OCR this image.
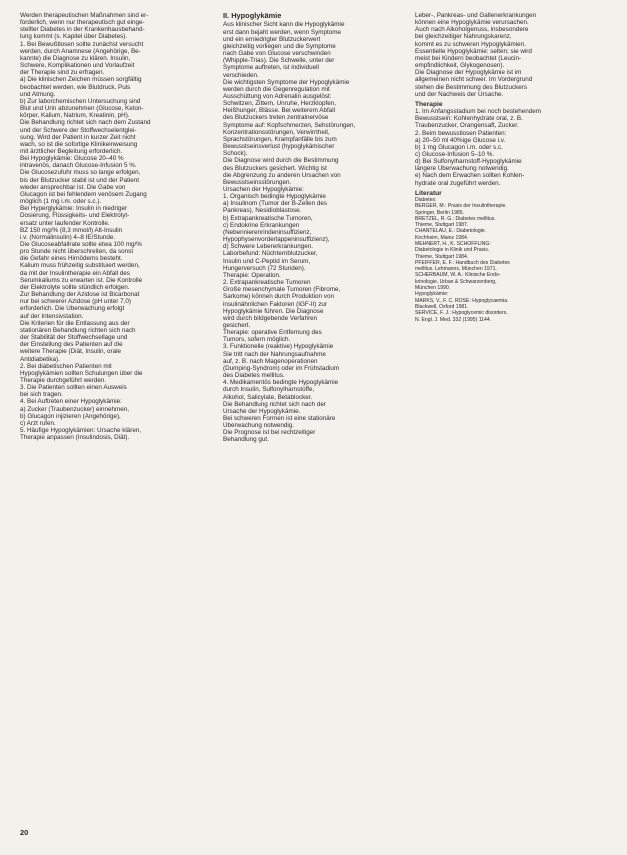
Werden therapeutischen Maßnahmen sind er-
forderlich, wenn nur therapeutisch gut einge-
stellter Diabetes in der Krankenhausbehand-
lung kommt (s. Kapitel über Diabetes).
1. Bei Bewußtlosen sollte zunächst versucht
werden, durch Anamnese (Angehörige, Be-
kannte) die Diagnose zu klären. Insulin,
Schwere, Komplikationen und Vorlaufzeit
der Therapie sind zu erfragen.
a) Die klinischen Zeichen müssen sorgfältig
beobachtet werden, wie Blutdruck, Puls
und Atmung.
b) Zur laborchemischen Untersuchung sind
Blut und Urin abzunehmen (Glucose, Keton-
körper, Kalium, Natrium, Kreatinin, pH).
Die Behandlung richtet sich nach dem Zustand
und der Schwere der Stoffwechselentglei-
sung. Wird der Patient in kurzer Zeit nicht
wach, so ist die sofortige Klinikeinweisung
mit ärztlicher Begleitung erforderlich.
Bei Hypoglykämie: Glucose 20–40 %
intravenös, danach Glucose-Infusion 5 %.
Die Glucosezufuhr muss so lange erfolgen,
bis der Blutzucker stabil ist und der Patient
wieder ansprechbar ist. Die Gabe von
Glucagon ist bei fehlendem venösem Zugang
möglich (1 mg i.m. oder s.c.).
Bei Hyperglykämie: Insulin in niedriger
Dosierung, Flüssigkeits- und Elektrolyt-
ersatz unter laufender Kontrolle.
BZ 150 mg/% (8,3 mmol/l) Alt-Insulin
i.v. (Normalinsulin) 4–8 IE/Stunde.
Die Glucoseabfallrate sollte etwa 100 mg/%
pro Stunde nicht überschreiten, da sonst
die Gefahr eines Hirnödems besteht.
Kalium muss frühzeitig substituiert werden,
da mit der Insulintherapie ein Abfall des
Serumkaliums zu erwarten ist. Die Kontrolle
der Elektrolyte sollte stündlich erfolgen.
Zur Behandlung der Azidose ist Bicarbonat
nur bei schwerer Azidose (pH unter 7,0)
erforderlich. Die Überwachung erfolgt
auf der Intensivstation.
Die Kriterien für die Entlassung aus der
stationären Behandlung richten sich nach
der Stabilität der Stoffwechsellage und
der Einstellung des Patienten auf die
weitere Therapie (Diät, Insulin, orale
Antidiabetika).
2. Bei diabetischen Patienten mit
Hypoglykämien sollten Schulungen über die
Therapie durchgeführt werden.
3. Die Patienten sollten einen Ausweis
bei sich tragen.
4. Bei Auftreten einer Hypoglykämie:
a) Zucker (Traubenzucker) einnehmen,
b) Glucagon injizieren (Angehörige),
c) Arzt rufen.
5. Häufige Hypoglykämien: Ursache klären,
Therapie anpassen (Insulindosis, Diät).
II. Hypoglykämie
Aus klinischer Sicht kann die Hypoglykämie
erst dann bejaht werden, wenn Symptome
und ein erniedrigter Blutzuckerwert
gleichzeitig vorliegen und die Symptome
nach Gabe von Glucose verschwinden
(Whipple-Trias). Die Schwelle, unter der
Symptome auftreten, ist individuell
verschieden.
Die wichtigsten Symptome der Hypoglykämie
werden durch die Gegenregulation mit
Ausschüttung von Adrenalin ausgelöst:
Schwitzen, Zittern, Unruhe, Herzklopfen,
Heißhunger, Blässe. Bei weiterem Abfall
des Blutzuckers treten zentralnervöse
Symptome auf: Kopfschmerzen, Sehstörungen,
Konzentrationsstörungen, Verwirrtheit,
Sprachstörungen, Krampfanfälle bis zum
Bewusstseinsverlust (hypoglykämischer
Schock).
Die Diagnose wird durch die Bestimmung
des Blutzuckers gesichert. Wichtig ist
die Abgrenzung zu anderen Ursachen von
Bewusstseinsstörungen.
Ursachen der Hypoglykämie:
1. Organisch bedingte Hypoglykämie
a) Insulinom (Tumor der B-Zellen des
Pankreas), Nesidioblastose.
b) Extrapankreatische Tumoren,
c) Endokrine Erkrankungen
(Nebennierenrindeninsuffizienz,
Hypophysenvorderlappeninsuffizienz),
d) Schwere Lebererkrankungen.
Laborbefund: Nüchternblutzucker,
Insulin und C-Peptid im Serum,
Hungerversuch (72 Stunden).
Therapie: Operation.
2. Extrapankreatische Tumoren
Große mesenchymale Tumoren (Fibrome,
Sarkome) können durch Produktion von
insulinähnlichen Faktoren (IGF-II) zur
Hypoglykämie führen. Die Diagnose
wird durch bildgebende Verfahren
gesichert.
Therapie: operative Entfernung des
Tumors, sofern möglich.
3. Funktionelle (reaktive) Hypoglykämie
Sie tritt nach der Nahrungsaufnahme
auf, z. B. nach Magenoperationen
(Dumping-Syndrom) oder im Frühstadium
des Diabetes mellitus.
4. Medikamentös bedingte Hypoglykämie
durch Insulin, Sulfonylharnstoffe,
Alkohol, Salicylate, Betablocker.
Die Behandlung richtet sich nach der
Ursache der Hypoglykämie.
Bei schweren Formen ist eine stationäre
Überwachung notwendig.
Die Prognose ist bei rechtzeitiger
Behandlung gut.
Leber-, Pankreas- und Gallenerkrankungen
können eine Hypoglykämie verursachen.
Auch nach Alkoholgenuss, insbesondere
bei gleichzeitiger Nahrungskarenz,
kommt es zu schweren Hypoglykämien.
Essentielle Hypoglykämie: selten; sie wird
meist bei Kindern beobachtet (Leucin-
empfindlichkeit, Glykogenosen).
Die Diagnose der Hypoglykämie ist im
allgemeinen nicht schwer. Im Vordergrund
stehen die Bestimmung des Blutzuckers
und der Nachweis der Ursache.
Therapie
1. Im Anfangsstadium bei noch bestehendem
Bewusstsein: Kohlenhydrate oral, z. B.
Traubenzucker, Orangensaft, Zucker.
2. Beim bewusstlosen Patienten:
a) 20–50 ml 40%ige Glucose i.v.
b) 1 mg Glucagon i.m. oder s.c.
c) Glucose-Infusion 5–10 %.
d) Bei Sulfonylharnstoff-Hypoglykämie
längere Überwachung notwendig.
e) Nach dem Erwachen sollten Kohlen-
hydrate oral zugeführt werden.
Literatur
Diabetes:
BERGER, M.: Praxis der Insulintherapie.
Springer, Berlin 1985.
BRETZEL, R. G.: Diabetes mellitus.
Thieme, Stuttgart 1987.
CHANTELAU, E.: Diabetologie.
Kirchheim, Mainz 1984.
MEHNERT, H., K. SCHÖFFLING:
Diabetologie in Klinik und Praxis.
Thieme, Stuttgart 1984.
PFEIFFER, E. F.: Handbuch des Diabetes
mellitus. Lehmanns, München 1971.
SCHERBAUM, W. A.: Klinische Endo-
krinologie. Urban & Schwarzenberg,
München 1990.
Hypoglykämie:
MARKS, V., F. C. ROSE: Hypoglycaemia.
Blackwell, Oxford 1981.
SERVICE, F. J.: Hypoglycemic disorders.
N. Engl. J. Med. 332 (1995) 1144.
20
